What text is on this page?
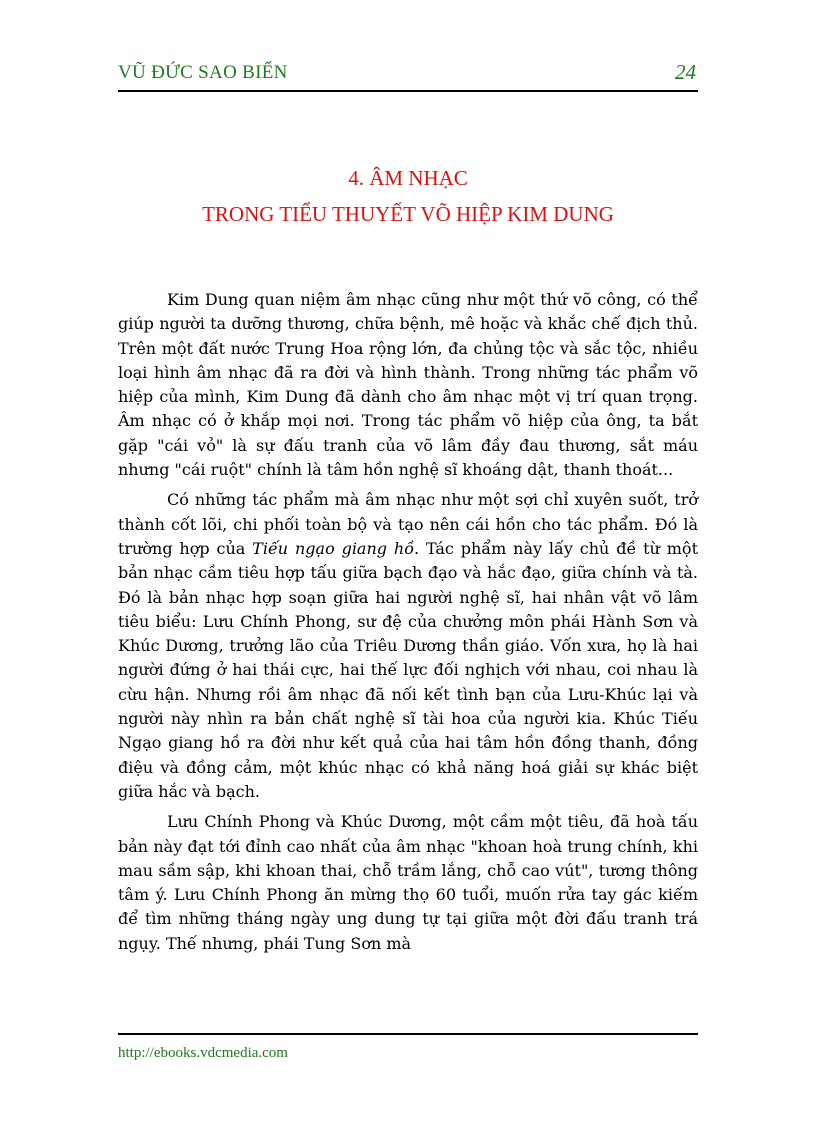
VŨ ĐỨC SAO BIỂN	24
4. ÂM NHẠC
TRONG TIỂU THUYẾT VÕ HIỆP KIM DUNG

Kim Dung quan niệm âm nhạc cũng như một thứ võ công, có thể giúp người ta dưỡng thương, chữa bệnh, mê hoặc và khắc chế địch thủ. Trên một đất nước Trung Hoa rộng lớn, đa chủng tộc và sắc tộc, nhiều loại hình âm nhạc đã ra đời và hình thành. Trong những tác phẩm võ hiệp của mình, Kim Dung đã dành cho âm nhạc một vị trí quan trọng. Âm nhạc có ở khắp mọi nơi. Trong tác phẩm võ hiệp của ông, ta bắt gặp "cái vỏ" là sự đấu tranh của võ lâm đầy đau thương, sắt máu nhưng "cái ruột" chính là tâm hồn nghệ sĩ khoáng dật, thanh thoát...

Có những tác phẩm mà âm nhạc như một sợi chỉ xuyên suốt, trở thành cốt lõi, chi phối toàn bộ và tạo nên cái hồn cho tác phẩm. Đó là trường hợp của Tiếu ngạo giang hồ. Tác phẩm này lấy chủ đề từ một bản nhạc cầm tiêu hợp tấu giữa bạch đạo và hắc đạo, giữa chính và tà. Đó là bản nhạc hợp soạn giữa hai người nghệ sĩ, hai nhân vật võ lâm tiêu biểu: Lưu Chính Phong, sư đệ của chưởng môn phái Hành Sơn và Khúc Dương, trưởng lão của Triêu Dương thần giáo. Vốn xưa, họ là hai người đứng ở hai thái cực, hai thế lực đối nghịch với nhau, coi nhau là cừu hận. Nhưng rồi âm nhạc đã nối kết tình bạn của Lưu-Khúc lại và người này nhìn ra bản chất nghệ sĩ tài hoa của người kia. Khúc Tiếu Ngạo giang hồ ra đời như kết quả của hai tâm hồn đồng thanh, đồng điệu và đồng cảm, một khúc nhạc có khả năng hoá giải sự khác biệt giữa hắc và bạch.

Lưu Chính Phong và Khúc Dương, một cầm một tiêu, đã hoà tấu bản này đạt tới đỉnh cao nhất của âm nhạc "khoan hoà trung chính, khi mau sầm sập, khi khoan thai, chỗ trầm lắng, chỗ cao vút", tương thông tâm ý. Lưu Chính Phong ăn mừng thọ 60 tuổi, muốn rửa tay gác kiếm để tìm những tháng ngày ung dung tự tại giữa một đời đấu tranh trá ngụy. Thế nhưng, phái Tung Sơn mà

http://ebooks.vdcmedia.com
